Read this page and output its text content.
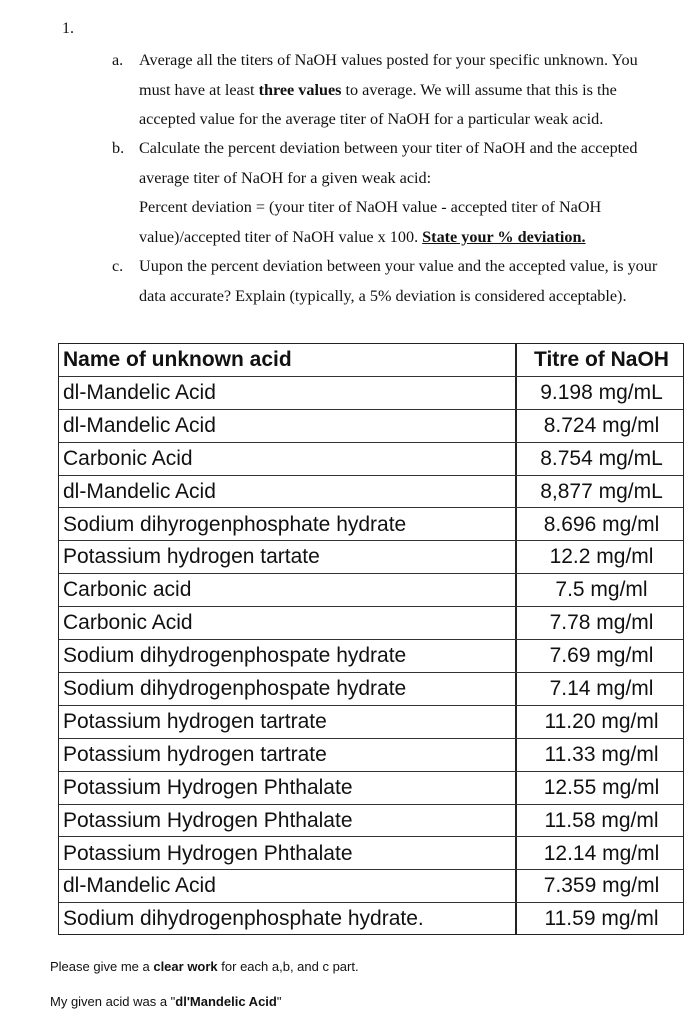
1.
a. Average all the titers of NaOH values posted for your specific unknown. You
must have at least three values to average. We will assume that this is the
accepted value for the average titer of NaOH for a particular weak acid.
b. Calculate the percent deviation between your titer of NaOH and the accepted
average titer of NaOH for a given weak acid:
Percent deviation = (your titer of NaOH value - accepted titer of NaOH
value)/accepted titer of NaOH value x 100. State your % deviation.
c. Uupon the percent deviation between your value and the accepted value, is your
data accurate? Explain (typically, a 5% deviation is considered acceptable).
Name of unknown acid	Titre of NaOH
dl-Mandelic Acid	9.198 mg/mL
dl-Mandelic Acid	8.724 mg/ml
Carbonic Acid	8.754 mg/mL
dl-Mandelic Acid	8,877 mg/mL
Sodium dihyrogenphosphate hydrate	8.696 mg/ml
Potassium hydrogen tartate	12.2 mg/ml
Carbonic acid	7.5 mg/ml
Carbonic Acid	7.78 mg/ml
Sodium dihydrogenphospate hydrate	7.69 mg/ml
Sodium dihydrogenphospate hydrate	7.14 mg/ml
Potassium hydrogen tartrate	11.20 mg/ml
Potassium hydrogen tartrate	11.33 mg/ml
Potassium Hydrogen Phthalate	12.55 mg/ml
Potassium Hydrogen Phthalate	11.58 mg/ml
Potassium Hydrogen Phthalate	12.14 mg/ml
dl-Mandelic Acid	7.359 mg/ml
Sodium dihydrogenphosphate hydrate.	11.59 mg/ml
Please give me a clear work for each a,b, and c part.
My given acid was a "dl'Mandelic Acid"
